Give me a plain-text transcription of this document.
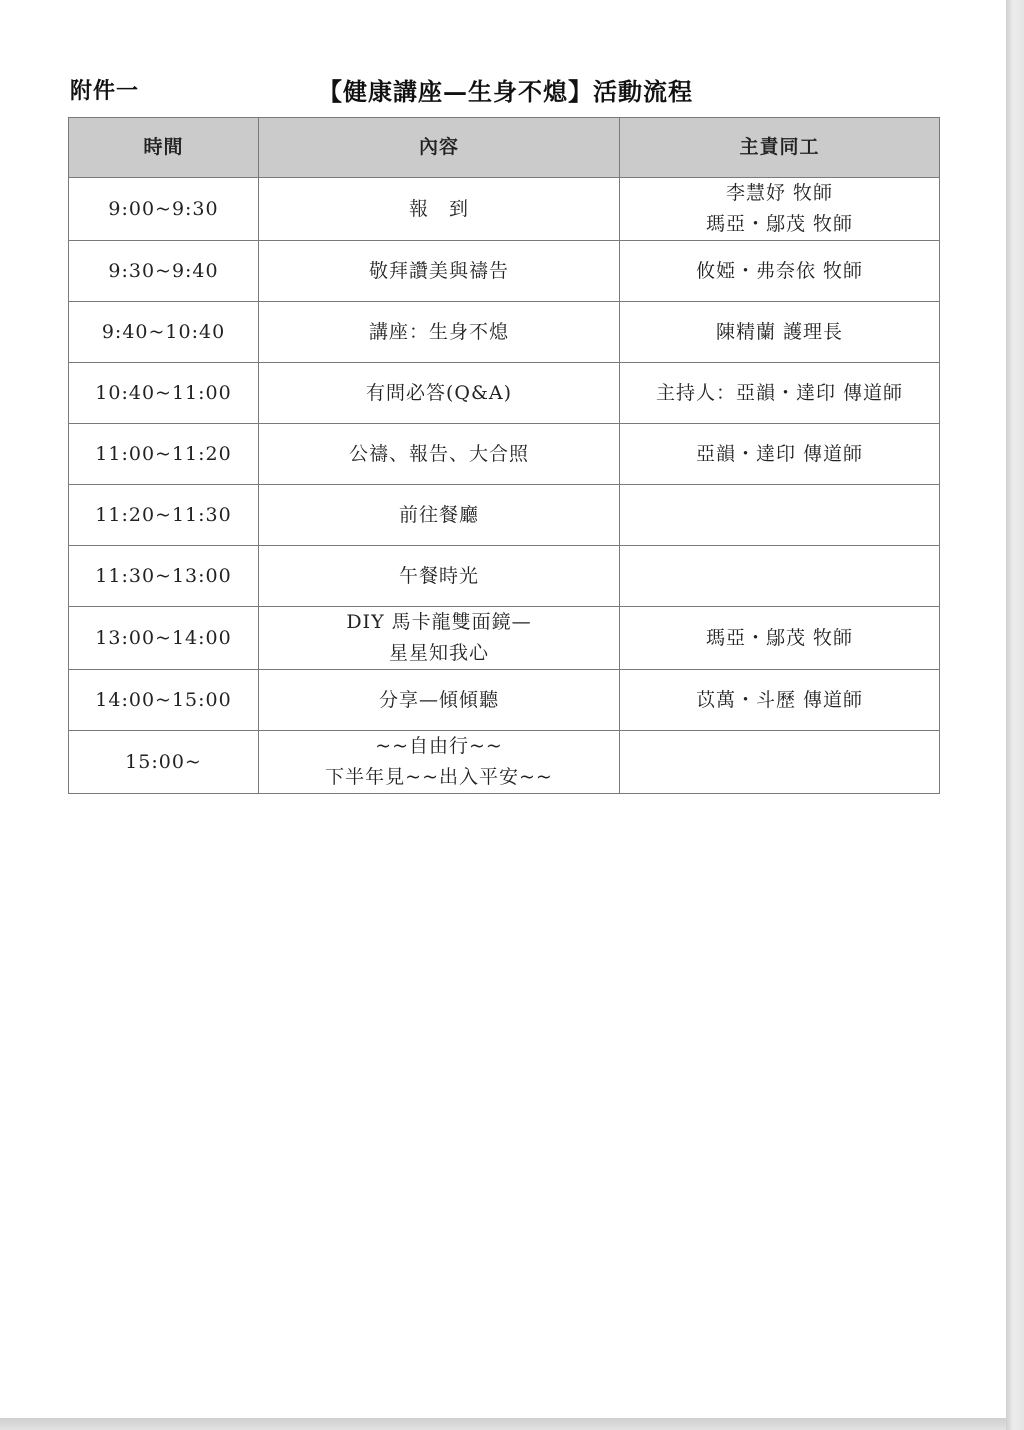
附件一	【健康講座—生身不熄】活動流程
時間	內容	主責同工
9:00~9:30	報　到	李慧妤 牧師
瑪亞・鄔茂 牧師

9:30~9:40	敬拜讚美與禱告	攸婭・弗奈依 牧師

9:40~10:40	講座：生身不熄	陳精蘭 護理長

10:40~11:00	有問必答(Q&A)	主持人：亞韻・達印 傳道師

11:00~11:20	公禱、報告、大合照	亞韻・達印 傳道師

11:20~11:30	前往餐廳	

11:30~13:00	午餐時光	

13:00~14:00	DIY 馬卡龍雙面鏡—
星星知我心	瑪亞・鄔茂 牧師

14:00~15:00	分享—傾傾聽	苡萬・斗歷 傳道師

15:00~	~~自由行~~
下半年見~~出入平安~~	
